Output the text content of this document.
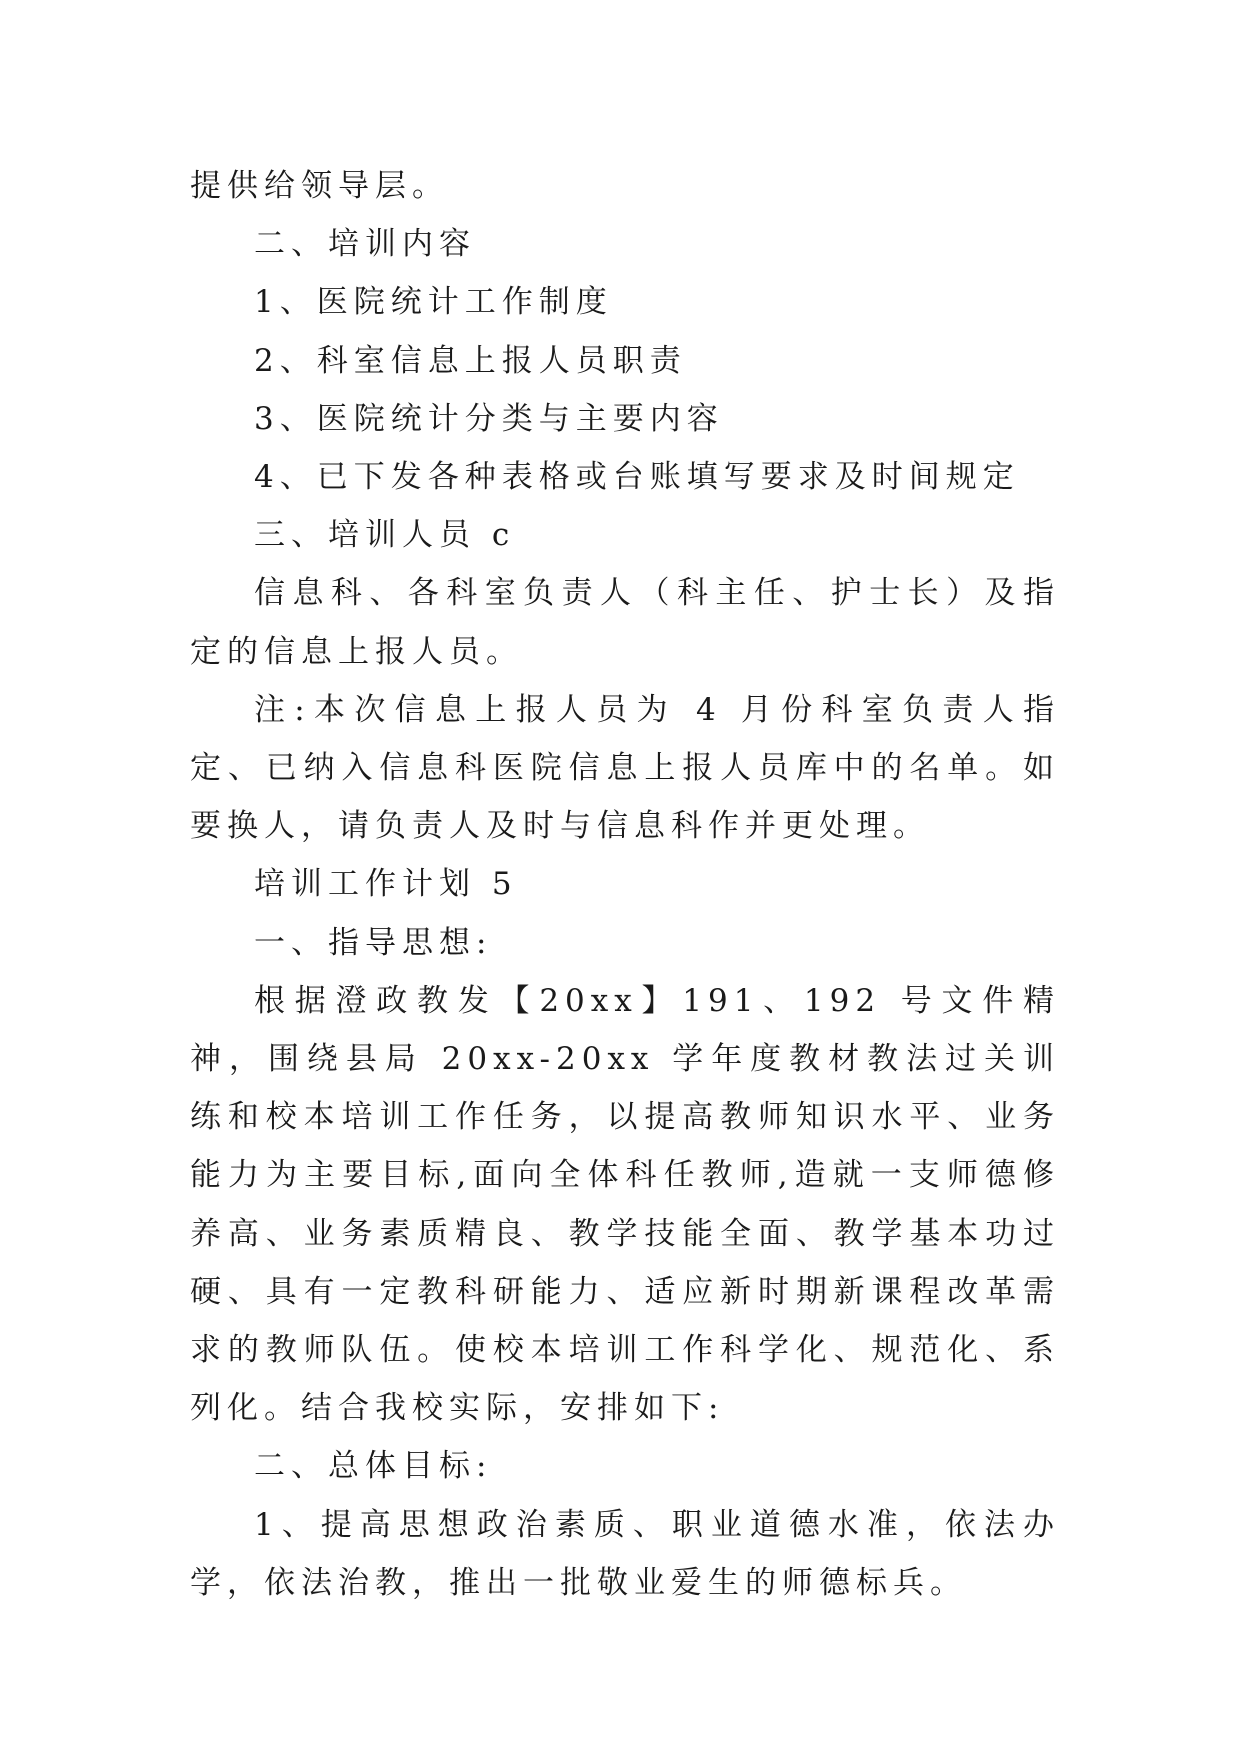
提供给领导层。

二、培训内容

1、医院统计工作制度

2、科室信息上报人员职责

3、医院统计分类与主要内容

4、已下发各种表格或台账填写要求及时间规定

三、培训人员 c

信息科、各科室负责人（科主任、护士长）及指定的信息上报人员。

注:本次信息上报人员为 4 月份科室负责人指定、已纳入信息科医院信息上报人员库中的名单。如要换人，请负责人及时与信息科作并更处理。

培训工作计划 5

一、指导思想:

根据澄政教发【20xx】191、192 号文件精神，围绕县局 20xx-20xx 学年度教材教法过关训练和校本培训工作任务，以提高教师知识水平、业务能力为主要目标,面向全体科任教师,造就一支师德修养高、业务素质精良、教学技能全面、教学基本功过硬、具有一定教科研能力、适应新时期新课程改革需求的教师队伍。使校本培训工作科学化、规范化、系列化。结合我校实际，安排如下:

二、总体目标:

1、提高思想政治素质、职业道德水准，依法办学，依法治教，推出一批敬业爱生的师德标兵。
